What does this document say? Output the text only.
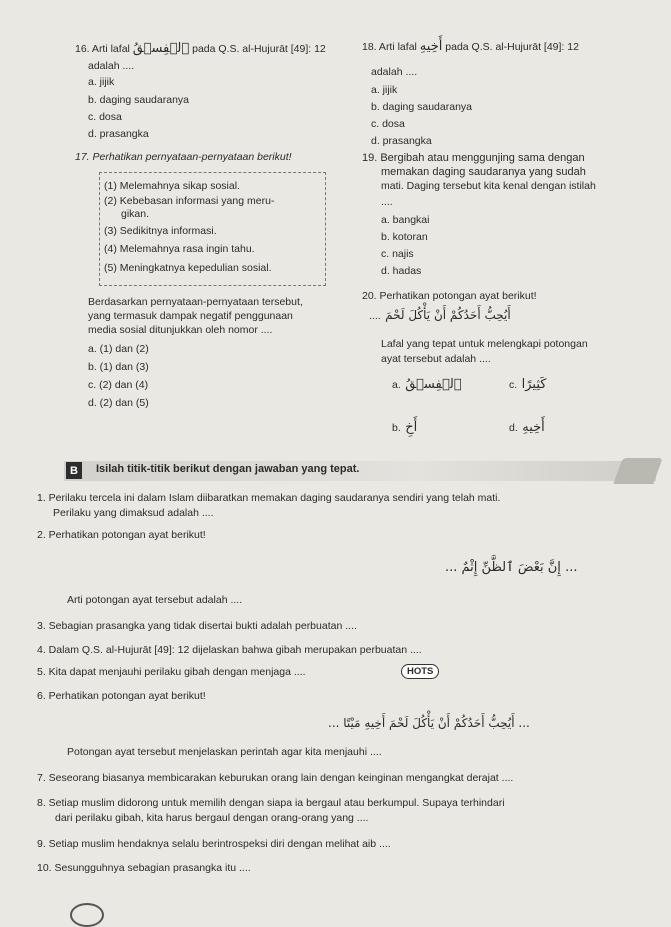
16. Arti lafal ٱلۡفِسۡقُ pada Q.S. al-Hujurāt [49]: 12
adalah ....
a. jijik
b. daging saudaranya
c. dosa
d. prasangka
17. Perhatikan pernyataan-pernyataan berikut!
(1) Melemahnya sikap sosial.
(2) Kebebasan informasi yang meru-
gikan.
(3) Sedikitnya informasi.
(4) Melemahnya rasa ingin tahu.
(5) Meningkatnya kepedulian sosial.
Berdasarkan pernyataan-pernyataan tersebut,
yang termasuk dampak negatif penggunaan
media sosial ditunjukkan oleh nomor ....
a. (1) dan (2)
b. (1) dan (3)
c. (2) dan (4)
d. (2) dan (5)
18. Arti lafal أَخِيهِ pada Q.S. al-Hujurāt [49]: 12
adalah ....
a. jijik
b. daging saudaranya
c. dosa
d. prasangka
19. Bergibah atau menggunjing sama dengan
memakan daging saudaranya yang sudah
mati. Daging tersebut kita kenal dengan istilah
....
a. bangkai
b. kotoran
c. najis
d. hadas
20. Perhatikan potongan ayat berikut!
.... أَيُحِبُّ أَحَدُكُمْ أَنْ يَأْكُلَ لَحْمَ
Lafal yang tepat untuk melengkapi potongan
ayat tersebut adalah ....
a. ٱلۡفِسۡقُ	c. كَثِيرًا
b. أَخِ	d. أَخِيهِ
B	Isilah titik-titik berikut dengan jawaban yang tepat.
1. Perilaku tercela ini dalam Islam diibaratkan memakan daging saudaranya sendiri yang telah mati.
Perilaku yang dimaksud adalah ....
2. Perhatikan potongan ayat berikut!
... إِنَّ بَعْضَ ٱلظَّنِّ إِثْمٌ ...
Arti potongan ayat tersebut adalah ....
3. Sebagian prasangka yang tidak disertai bukti adalah perbuatan ....
4. Dalam Q.S. al-Hujurāt [49]: 12 dijelaskan bahwa gibah merupakan perbuatan ....
5. Kita dapat menjauhi perilaku gibah dengan menjaga ....	HOTS
6. Perhatikan potongan ayat berikut!
... أَيُحِبُّ أَحَدُكُمْ أَنْ يَأْكُلَ لَحْمَ أَخِيهِ مَيْتًا ...
Potongan ayat tersebut menjelaskan perintah agar kita menjauhi ....
7. Seseorang biasanya membicarakan keburukan orang lain dengan keinginan mengangkat derajat ....
8. Setiap muslim didorong untuk memilih dengan siapa ia bergaul atau berkumpul. Supaya terhindari
dari perilaku gibah, kita harus bergaul dengan orang-orang yang ....
9. Setiap muslim hendaknya selalu berintrospeksi diri dengan melihat aib ....
10. Sesungguhnya sebagian prasangka itu ....
